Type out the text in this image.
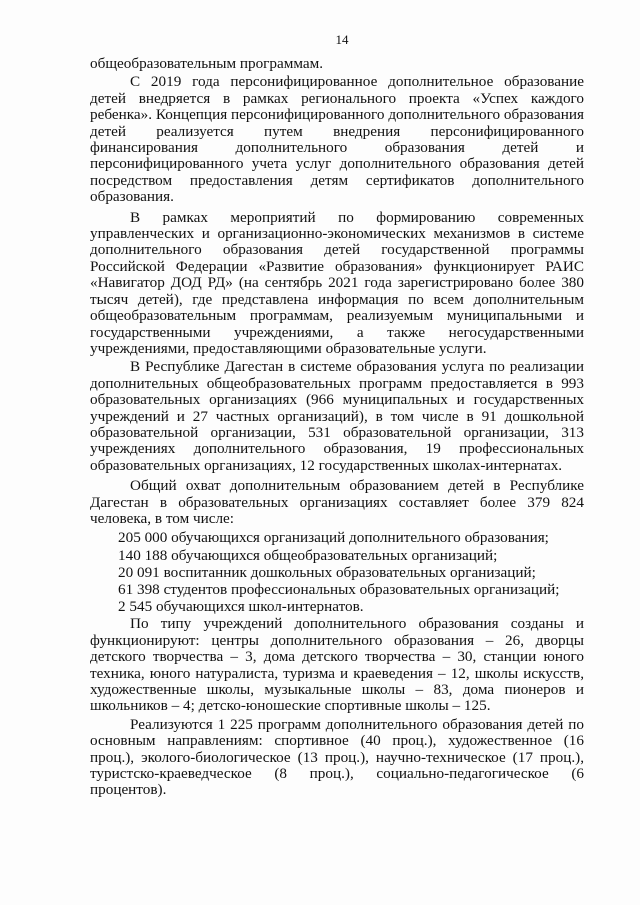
14

общеобразовательным программам.

С 2019 года персонифицированное дополнительное образование детей внедряется в рамках регионального проекта «Успех каждого ребенка». Концепция персонифицированного дополнительного образования детей реализуется путем внедрения персонифицированного финансирования дополнительного образования детей и персонифицированного учета услуг дополнительного образования детей посредством предоставления детям сертификатов дополнительного образования.

В рамках мероприятий по формированию современных управленческих и организационно-экономических механизмов в системе дополнительного образования детей государственной программы Российской Федерации «Развитие образования» функционирует РАИС «Навигатор ДОД РД» (на сентябрь 2021 года зарегистрировано более 380 тысяч детей), где представлена информация по всем дополнительным общеобразовательным программам, реализуемым муниципальными и государственными учреждениями, а также негосударственными учреждениями, предоставляющими образовательные услуги.

В Республике Дагестан в системе образования услуга по реализации дополнительных общеобразовательных программ предоставляется в 993 образовательных организациях (966 муниципальных и государственных учреждений и 27 частных организаций), в том числе в 91 дошкольной образовательной организации, 531 образовательной организации, 313 учреждениях дополнительного образования, 19 профессиональных образовательных организациях, 12 государственных школах-интернатах.

Общий охват дополнительным образованием детей в Республике Дагестан в образовательных организациях составляет более 379 824 человека, в том числе:

205 000 обучающихся организаций дополнительного образования;
140 188 обучающихся общеобразовательных организаций;
20 091 воспитанник дошкольных образовательных организаций;
61 398 студентов профессиональных образовательных организаций;
2 545 обучающихся школ-интернатов.

По типу учреждений дополнительного образования созданы и функционируют: центры дополнительного образования – 26, дворцы детского творчества – 3, дома детского творчества – 30, станции юного техника, юного натуралиста, туризма и краеведения – 12, школы искусств, художественные школы, музыкальные школы – 83, дома пионеров и школьников – 4; детско-юношеские спортивные школы – 125.

Реализуются 1 225 программ дополнительного образования детей по основным направлениям: спортивное (40 проц.), художественное (16 проц.), эколого-биологическое (13 проц.), научно-техническое (17 проц.), туристско-краеведческое (8 проц.), социально-педагогическое (6 процентов).
